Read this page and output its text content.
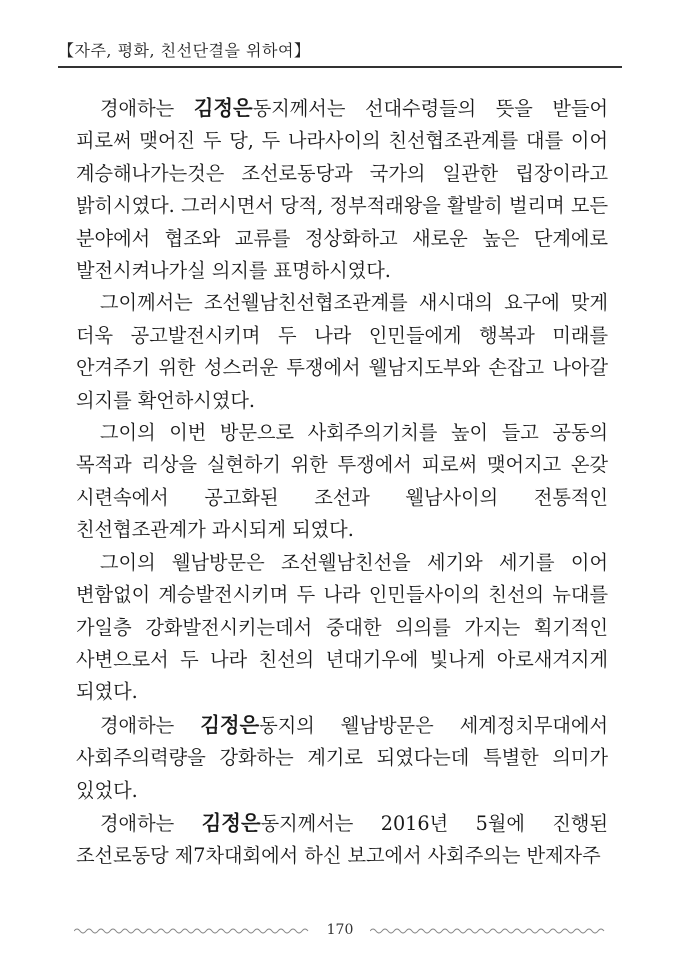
【자주, 평화, 친선단결을 위하여】

경애하는 김정은동지께서는 선대수령들의 뜻을 받들어 피로써 맺어진 두 당, 두 나라사이의 친선협조관계를 대를 이어 계승해나가는것은 조선로동당과 국가의 일관한 립장이라고 밝히시였다. 그러시면서 당적, 정부적래왕을 활발히 벌리며 모든 분야에서 협조와 교류를 정상화하고 새로운 높은 단계에로 발전시켜나가실 의지를 표명하시였다.

그이께서는 조선웰남친선협조관계를 새시대의 요구에 맞게 더욱 공고발전시키며 두 나라 인민들에게 행복과 미래를 안겨주기 위한 성스러운 투쟁에서 웰남지도부와 손잡고 나아갈 의지를 확언하시였다.

그이의 이번 방문으로 사회주의기치를 높이 들고 공동의 목적과 리상을 실현하기 위한 투쟁에서 피로써 맺어지고 온갖 시련속에서 공고화된 조선과 웰남사이의 전통적인 친선협조관계가 과시되게 되였다.

그이의 웰남방문은 조선웰남친선을 세기와 세기를 이어 변함없이 계승발전시키며 두 나라 인민들사이의 친선의 뉴대를 가일층 강화발전시키는데서 중대한 의의를 가지는 획기적인 사변으로서 두 나라 친선의 년대기우에 빛나게 아로새겨지게 되였다.

경애하는 김정은동지의 웰남방문은 세계정치무대에서 사회주의력량을 강화하는 계기로 되였다는데 특별한 의미가 있었다.

경애하는 김정은동지께서는 2016년 5월에 진행된 조선로동당 제7차대회에서 하신 보고에서 사회주의는 반제자주

170
